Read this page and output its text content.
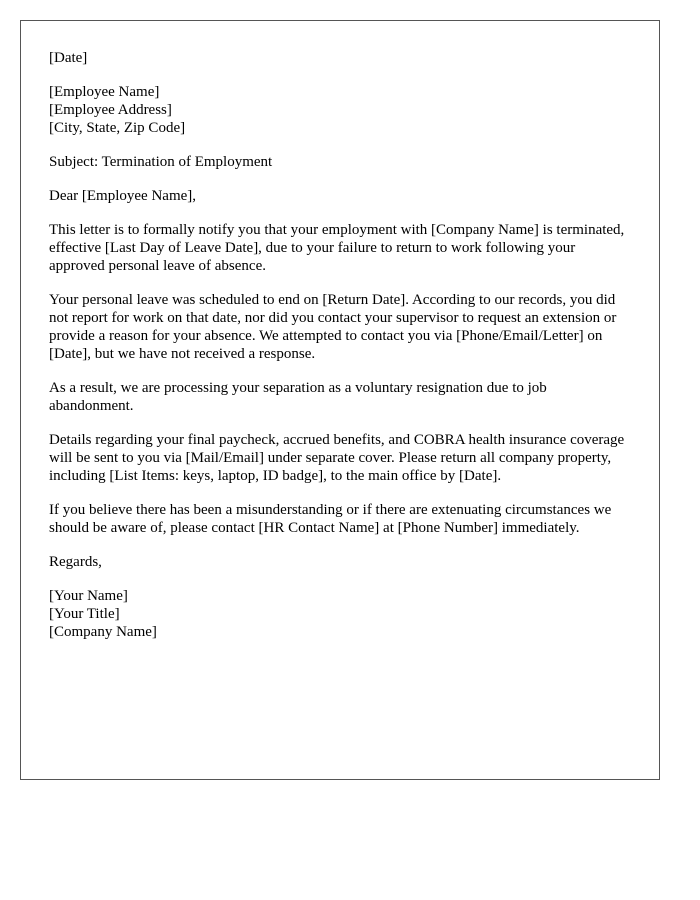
[Date]
[Employee Name]
[Employee Address]
[City, State, Zip Code]
Subject: Termination of Employment
Dear [Employee Name],
This letter is to formally notify you that your employment with [Company Name] is terminated, effective [Last Day of Leave Date], due to your failure to return to work following your approved personal leave of absence.
Your personal leave was scheduled to end on [Return Date]. According to our records, you did not report for work on that date, nor did you contact your supervisor to request an extension or provide a reason for your absence. We attempted to contact you via [Phone/Email/Letter] on [Date], but we have not received a response.
As a result, we are processing your separation as a voluntary resignation due to job abandonment.
Details regarding your final paycheck, accrued benefits, and COBRA health insurance coverage will be sent to you via [Mail/Email] under separate cover. Please return all company property, including [List Items: keys, laptop, ID badge], to the main office by [Date].
If you believe there has been a misunderstanding or if there are extenuating circumstances we should be aware of, please contact [HR Contact Name] at [Phone Number] immediately.
Regards,
[Your Name]
[Your Title]
[Company Name]
